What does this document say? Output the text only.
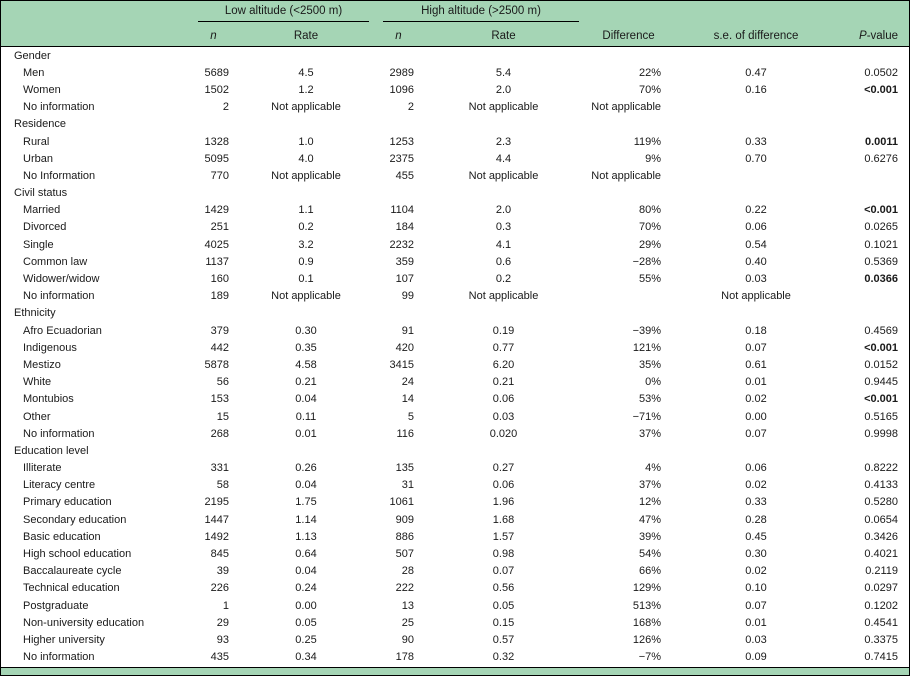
	Low altitude (<2500 m)		High altitude (>2500 m)				
	n	Rate	n	Rate	Difference	s.e. of difference	P-value
Gender							
Men	5689	4.5	2989	5.4	22%	0.47	0.0502
Women	1502	1.2	1096	2.0	70%	0.16	<0.001
No information	2	Not applicable	2	Not applicable	Not applicable		
Residence							
Rural	1328	1.0	1253	2.3	119%	0.33	0.0011
Urban	5095	4.0	2375	4.4	9%	0.70	0.6276
No Information	770	Not applicable	455	Not applicable	Not applicable		
Civil status							
Married	1429	1.1	1104	2.0	80%	0.22	<0.001
Divorced	251	0.2	184	0.3	70%	0.06	0.0265
Single	4025	3.2	2232	4.1	29%	0.54	0.1021
Common law	1137	0.9	359	0.6	−28%	0.40	0.5369
Widower/widow	160	0.1	107	0.2	55%	0.03	0.0366
No information	189	Not applicable	99	Not applicable		Not applicable	
Ethnicity							
Afro Ecuadorian	379	0.30	91	0.19	−39%	0.18	0.4569
Indigenous	442	0.35	420	0.77	121%	0.07	<0.001
Mestizo	5878	4.58	3415	6.20	35%	0.61	0.0152
White	56	0.21	24	0.21	0%	0.01	0.9445
Montubios	153	0.04	14	0.06	53%	0.02	<0.001
Other	15	0.11	5	0.03	−71%	0.00	0.5165
No information	268	0.01	116	0.020	37%	0.07	0.9998
Education level							
Illiterate	331	0.26	135	0.27	4%	0.06	0.8222
Literacy centre	58	0.04	31	0.06	37%	0.02	0.4133
Primary education	2195	1.75	1061	1.96	12%	0.33	0.5280
Secondary education	1447	1.14	909	1.68	47%	0.28	0.0654
Basic education	1492	1.13	886	1.57	39%	0.45	0.3426
High school education	845	0.64	507	0.98	54%	0.30	0.4021
Baccalaureate cycle	39	0.04	28	0.07	66%	0.02	0.2119
Technical education	226	0.24	222	0.56	129%	0.10	0.0297
Postgraduate	1	0.00	13	0.05	513%	0.07	0.1202
Non-university education	29	0.05	25	0.15	168%	0.01	0.4541
Higher university	93	0.25	90	0.57	126%	0.03	0.3375
No information	435	0.34	178	0.32	−7%	0.09	0.7415
